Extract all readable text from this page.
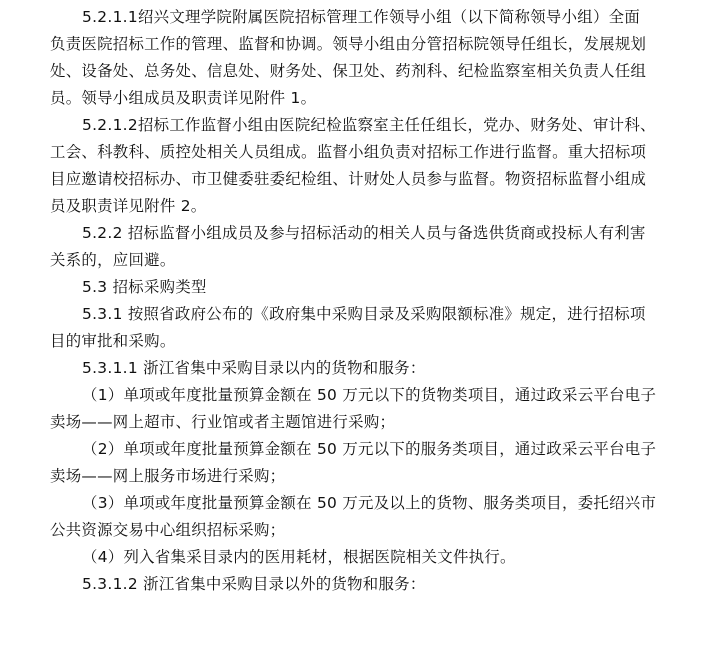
5.2.1.1绍兴文理学院附属医院招标管理工作领导小组（以下简称领导小组）全面
负责医院招标工作的管理、监督和协调。领导小组由分管招标院领导任组长，发展规划
处、设备处、总务处、信息处、财务处、保卫处、药剂科、纪检监察室相关负责人任组
员。领导小组成员及职责详见附件 1。

5.2.1.2招标工作监督小组由医院纪检监察室主任任组长，党办、财务处、审计科、
工会、科教科、质控处相关人员组成。监督小组负责对招标工作进行监督。重大招标项
目应邀请校招标办、市卫健委驻委纪检组、计财处人员参与监督。物资招标监督小组成
员及职责详见附件 2。

5.2.2 招标监督小组成员及参与招标活动的相关人员与备选供货商或投标人有利害
关系的，应回避。

5.3 招标采购类型

5.3.1 按照省政府公布的《政府集中采购目录及采购限额标准》规定，进行招标项
目的审批和采购。

5.3.1.1 浙江省集中采购目录以内的货物和服务：

（1）单项或年度批量预算金额在 50 万元以下的货物类项目，通过政采云平台电子
卖场——网上超市、行业馆或者主题馆进行采购；

（2）单项或年度批量预算金额在 50 万元以下的服务类项目，通过政采云平台电子
卖场——网上服务市场进行采购；

（3）单项或年度批量预算金额在 50 万元及以上的货物、服务类项目，委托绍兴市
公共资源交易中心组织招标采购；

（4）列入省集采目录内的医用耗材，根据医院相关文件执行。

5.3.1.2 浙江省集中采购目录以外的货物和服务：
